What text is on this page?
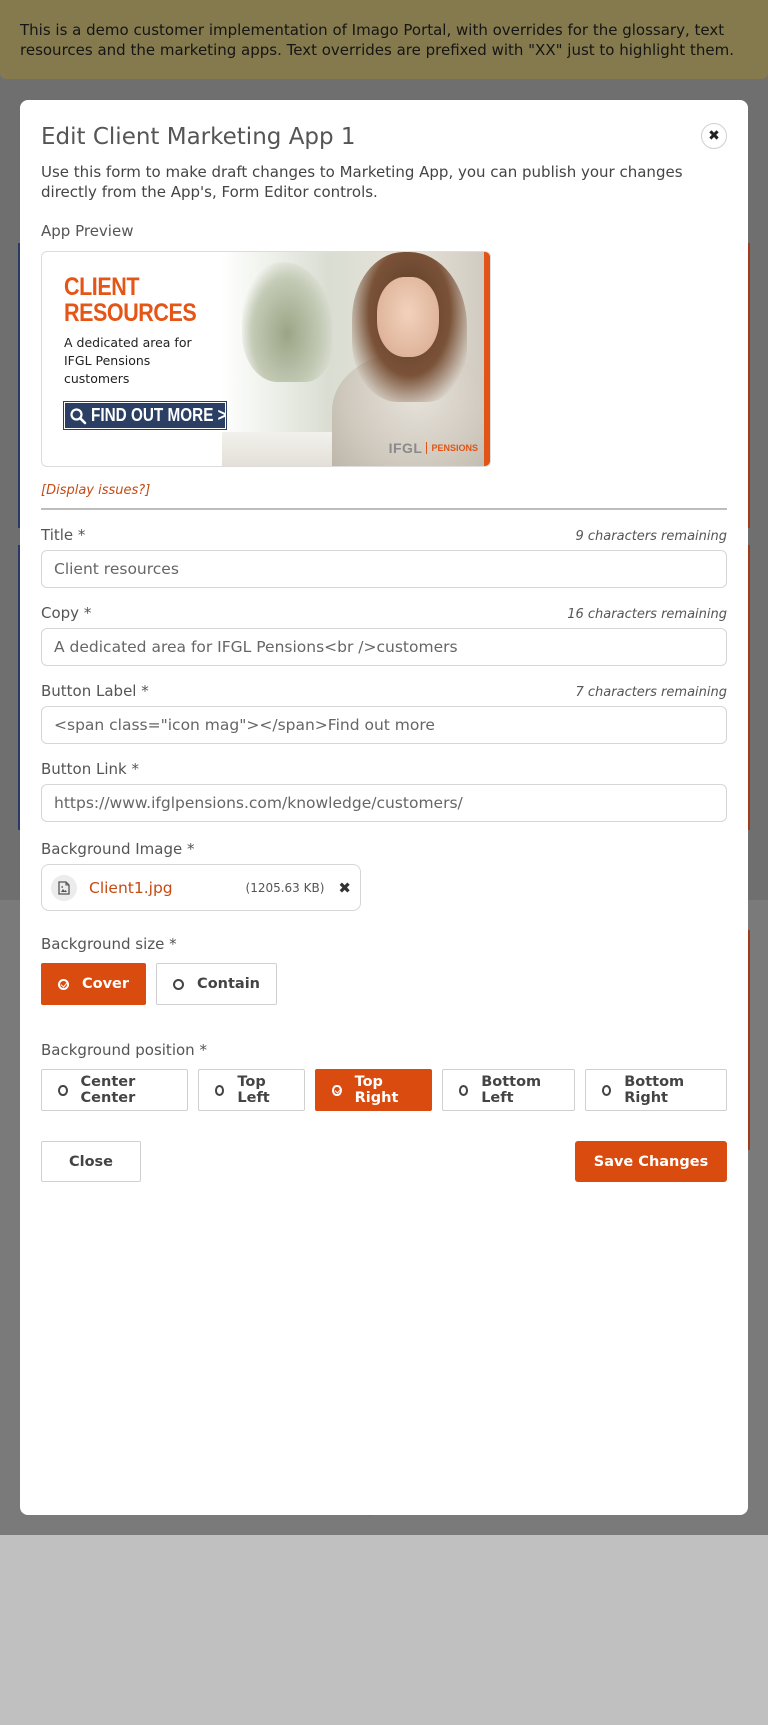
This is a demo customer implementation of Imago Portal, with overrides for the glossary, text resources and the marketing apps. Text overrides are prefixed with "XX" just to highlight them.
Edit Client Marketing App 1	✖

Use this form to make draft changes to Marketing App, you can publish your changes directly from the App's, Form Editor controls.

App Preview
CLIENT
RESOURCES
A dedicated area for IFGL Pensions customers
FIND OUT MORE >
IFGL PENSIONS
[Display issues?]
Title *	9 characters remaining
Client resources
Copy *	16 characters remaining
A dedicated area for IFGL Pensions<br />customers
Button Label *	7 characters remaining
<span class="icon mag"></span>Find out more
Button Link *
https://www.ifglpensions.com/knowledge/customers/
Background Image *
Client1.jpg	(1205.63 KB) ✖
Background size *
Cover	Contain
Background position *
Center Center
Top Left
Top Right
Bottom Left
Bottom Right
Close	Save Changes
